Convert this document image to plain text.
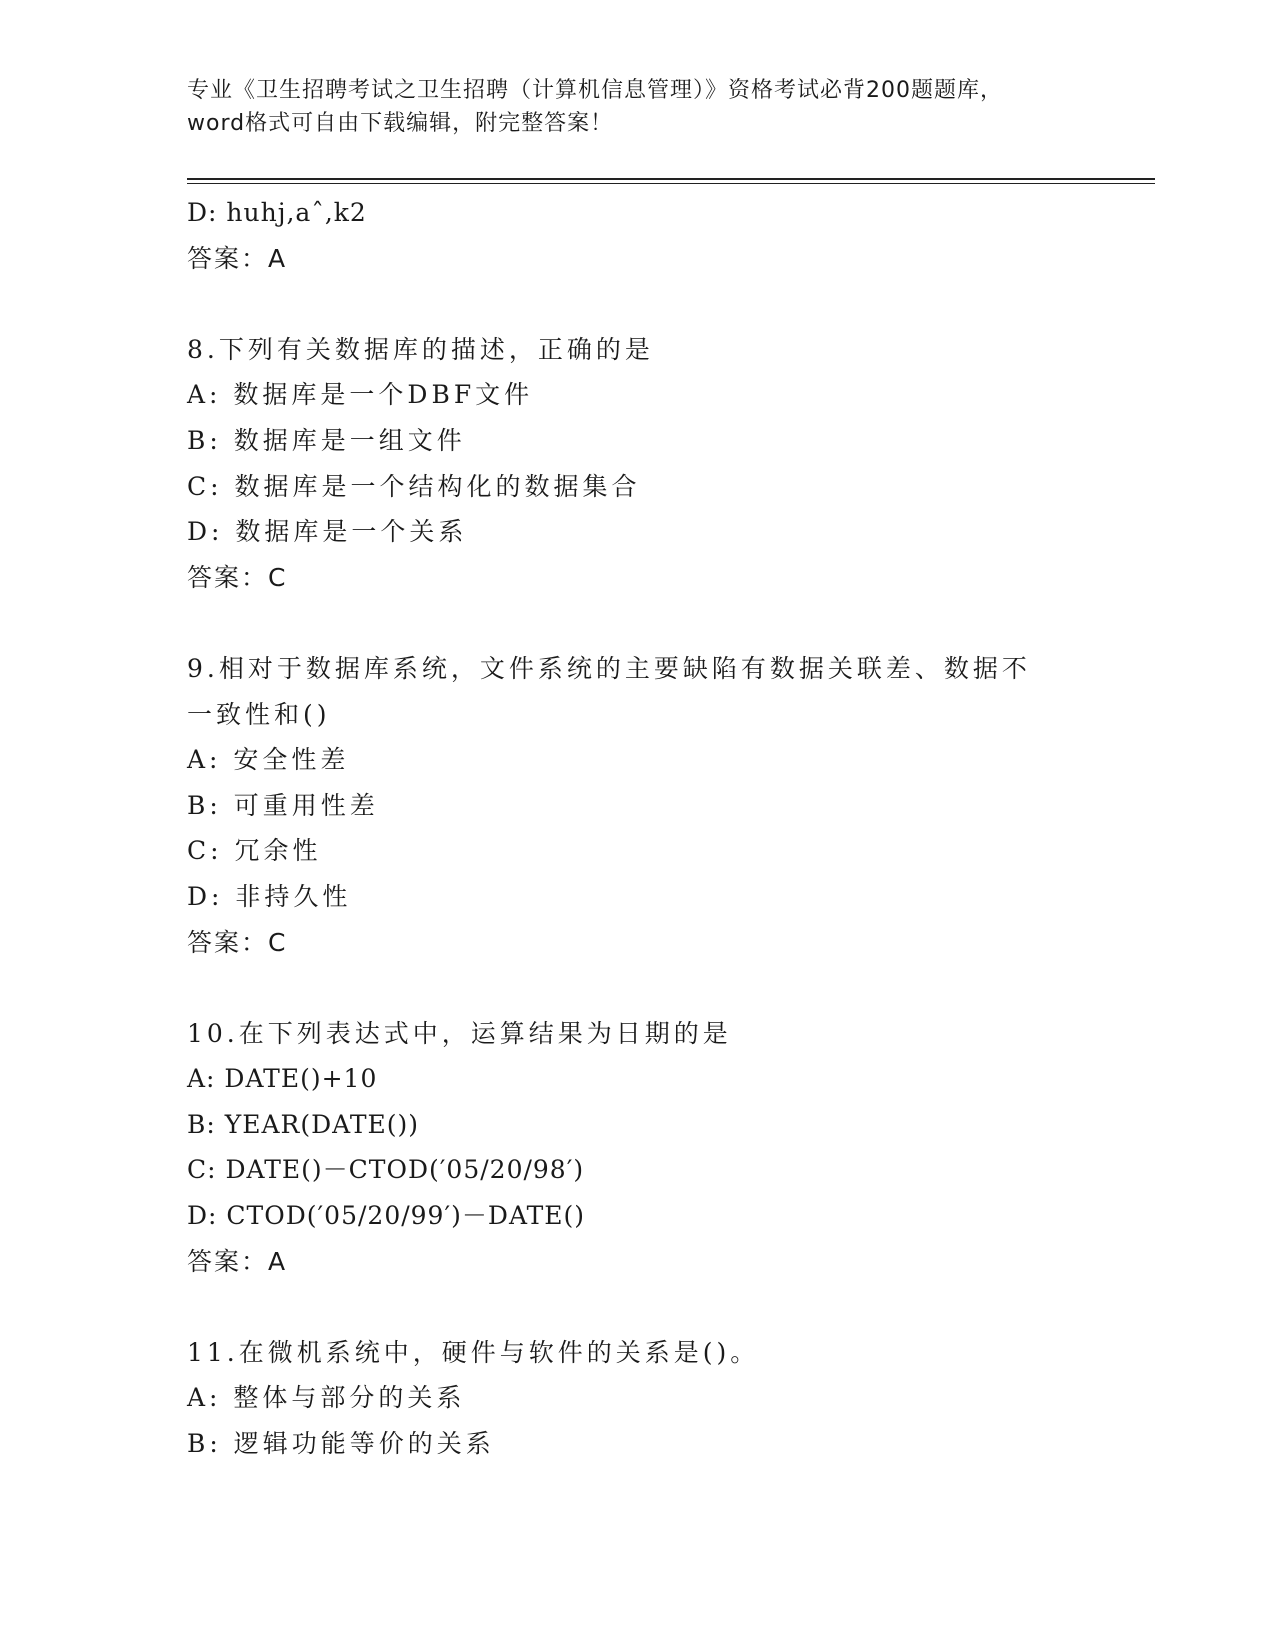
专业《卫生招聘考试之卫生招聘（计算机信息管理）》资格考试必背200题题库，
word格式可自由下载编辑，附完整答案！
D: huhj,aˆ,k2
答案：A
8.下列有关数据库的描述，正确的是
A: 数据库是一个DBF文件
B: 数据库是一组文件
C: 数据库是一个结构化的数据集合
D: 数据库是一个关系
答案：C
9.相对于数据库系统，文件系统的主要缺陷有数据关联差、数据不一致性和()
A: 安全性差
B: 可重用性差
C: 冗余性
D: 非持久性
答案：C
10.在下列表达式中，运算结果为日期的是
A: DATE()+10
B: YEAR(DATE())
C: DATE()－CTOD(′05/20/98′)
D: CTOD(′05/20/99′)－DATE()
答案：A
11.在微机系统中，硬件与软件的关系是()。
A: 整体与部分的关系
B: 逻辑功能等价的关系
